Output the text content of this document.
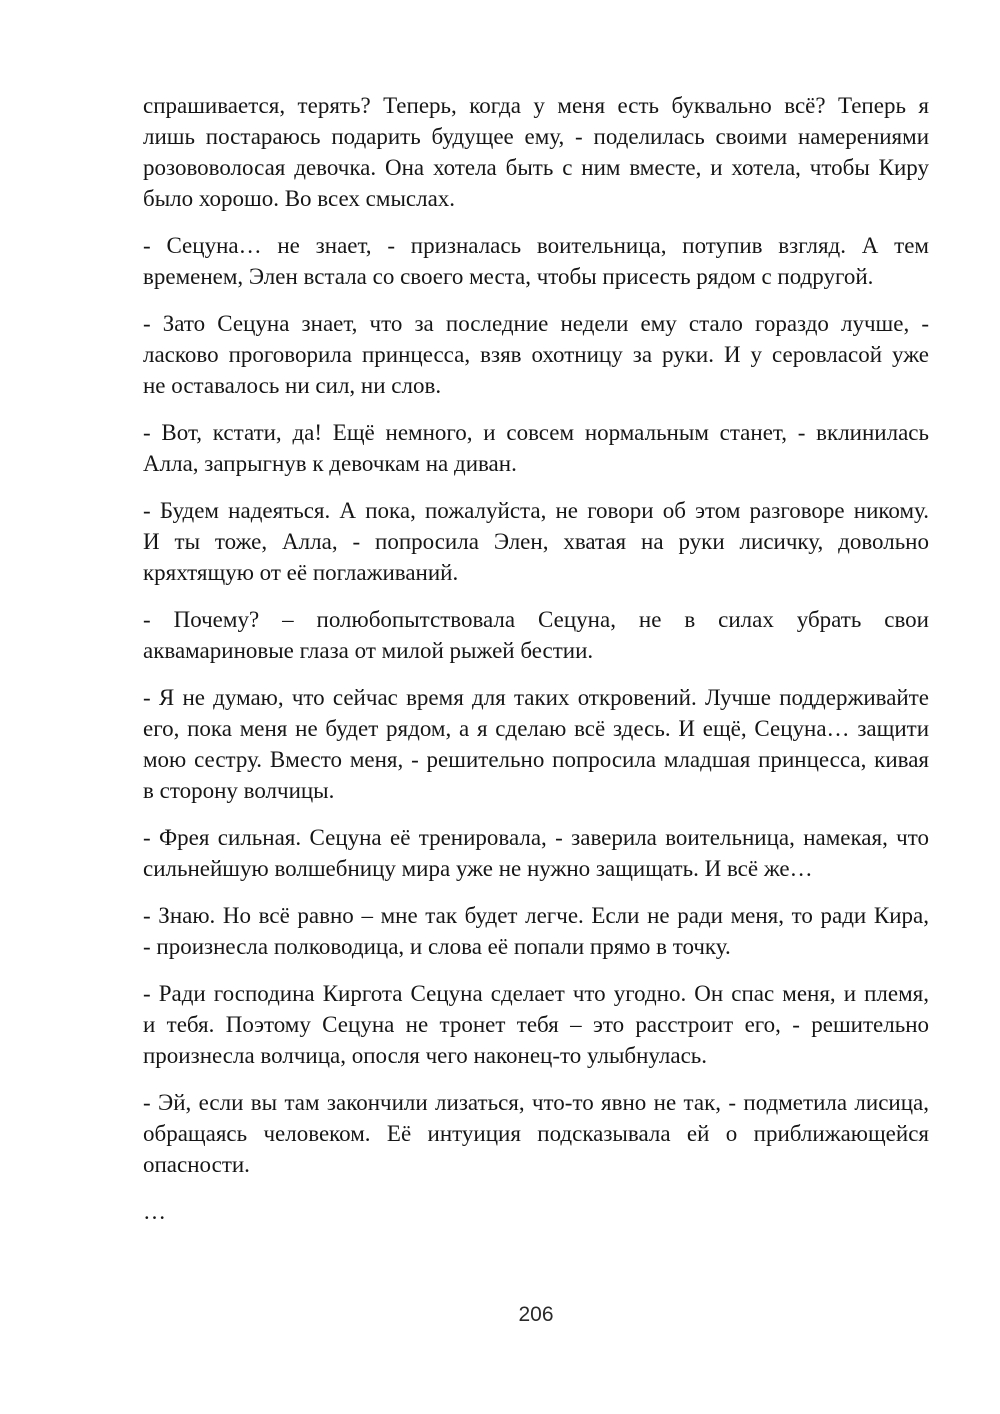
спрашивается, терять? Теперь, когда у меня есть буквально всё? Теперь я
лишь постараюсь подарить будущее ему, - поделилась своими намерениями
розововолосая девочка. Она хотела быть с ним вместе, и хотела, чтобы Киру
было хорошо. Во всех смыслах.

- Сецуна… не знает, - призналась воительница, потупив взгляд. А тем
временем, Элен встала со своего места, чтобы присесть рядом с подругой.

- Зато Сецуна знает, что за последние недели ему стало гораздо лучше, -
ласково проговорила принцесса, взяв охотницу за руки. И у серовласой уже
не оставалось ни сил, ни слов.

- Вот, кстати, да! Ещё немного, и совсем нормальным станет, - вклинилась
Алла, запрыгнув к девочкам на диван.

- Будем надеяться. А пока, пожалуйста, не говори об этом разговоре никому.
И ты тоже, Алла, - попросила Элен, хватая на руки лисичку, довольно
кряхтящую от её поглаживаний.

- Почему? – полюбопытствовала Сецуна, не в силах убрать свои
аквамариновые глаза от милой рыжей бестии.

- Я не думаю, что сейчас время для таких откровений. Лучше поддерживайте
его, пока меня не будет рядом, а я сделаю всё здесь. И ещё, Сецуна… защити
мою сестру. Вместо меня, - решительно попросила младшая принцесса, кивая
в сторону волчицы.

- Фрея сильная. Сецуна её тренировала, - заверила воительница, намекая, что
сильнейшую волшебницу мира уже не нужно защищать. И всё же…

- Знаю. Но всё равно – мне так будет легче. Если не ради меня, то ради Кира,
- произнесла полководица, и слова её попали прямо в точку.

- Ради господина Киргота Сецуна сделает что угодно. Он спас меня, и племя,
и тебя. Поэтому Сецуна не тронет тебя – это расстроит его, - решительно
произнесла волчица, опосля чего наконец-то улыбнулась.

- Эй, если вы там закончили лизаться, что-то явно не так, - подметила лисица,
обращаясь человеком. Её интуиция подсказывала ей о приближающейся
опасности.

…

206
